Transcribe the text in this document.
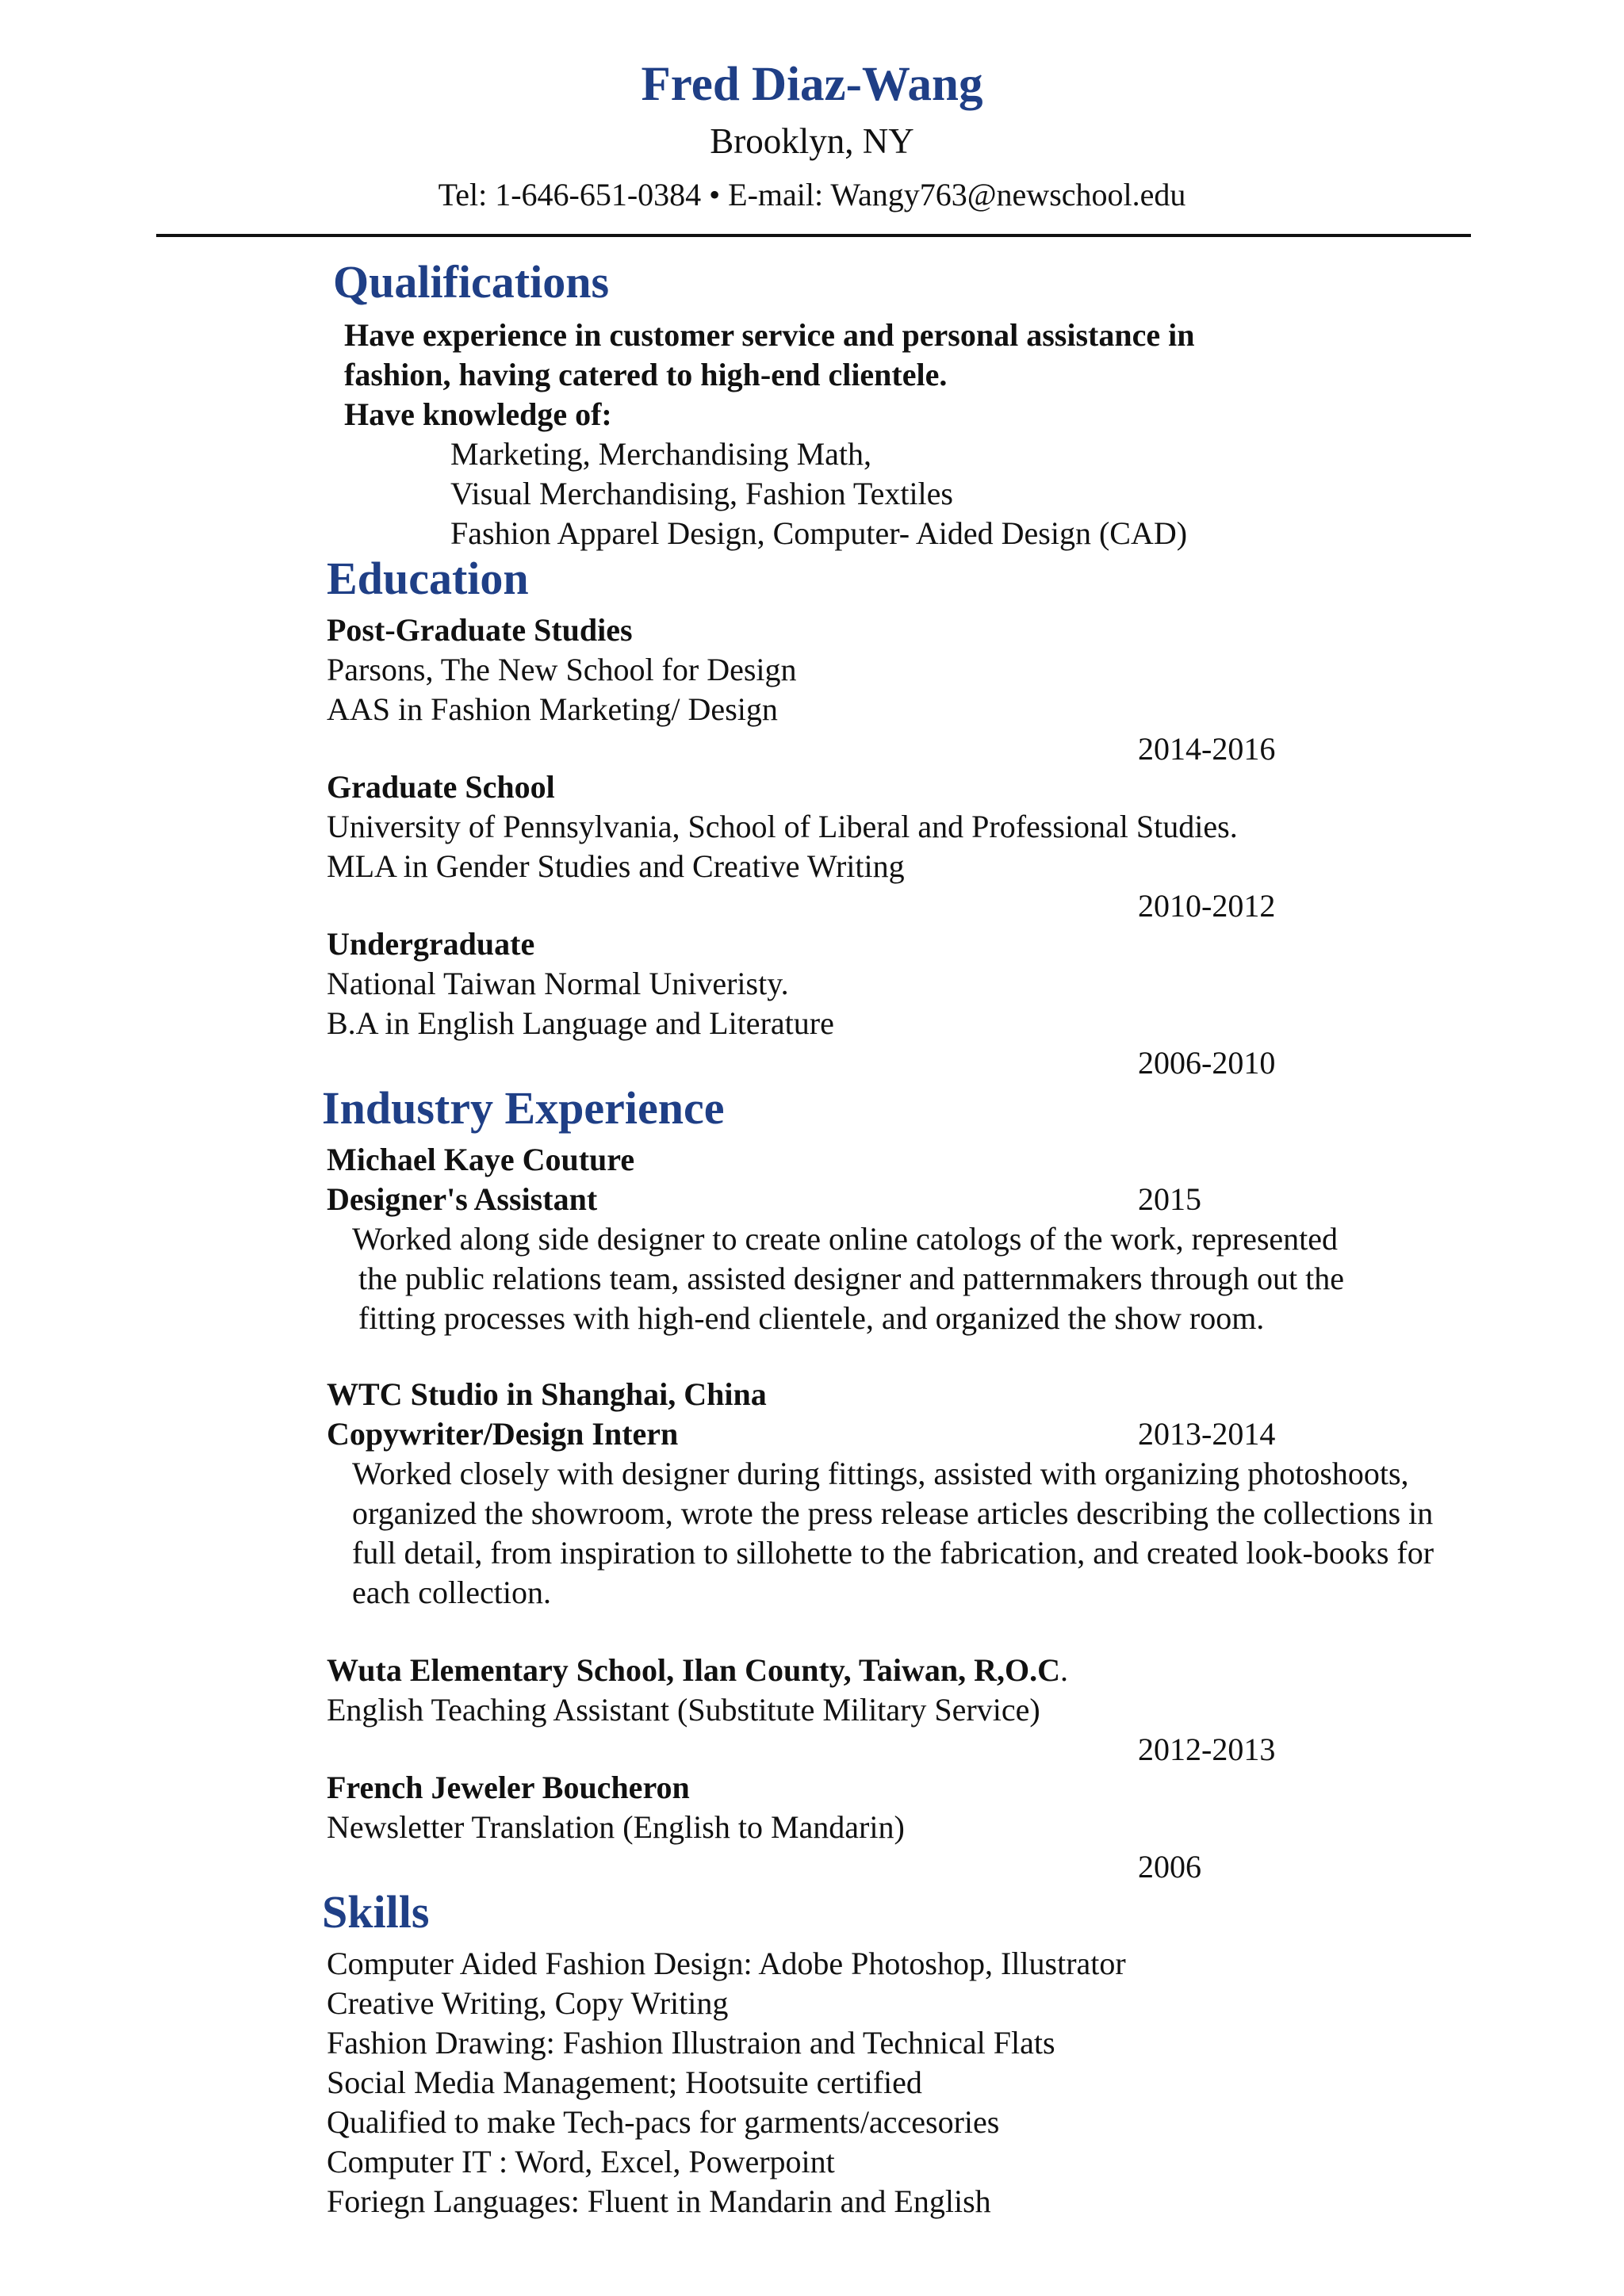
Fred Diaz-Wang
Brooklyn, NY
Tel: 1-646-651-0384 • E-mail: Wangy763@newschool.edu
Qualifications
Have experience in customer service and personal assistance in
fashion, having catered to high-end clientele.
Have knowledge of:
Marketing, Merchandising Math,
Visual Merchandising, Fashion Textiles
Fashion Apparel Design, Computer- Aided Design (CAD)
Education
Post-Graduate Studies
Parsons, The New School for Design
AAS in Fashion Marketing/ Design
2014-2016
Graduate School
University of Pennsylvania, School of Liberal and Professional Studies.
MLA in Gender Studies and Creative Writing
2010-2012
Undergraduate
National Taiwan Normal Univeristy.
B.A in English Language and Literature
2006-2010
Industry Experience
Michael Kaye Couture
Designer's Assistant	2015
Worked along side designer to create online catologs of the work, represented
the public relations team, assisted designer and patternmakers through out the
fitting processes with high-end clientele, and organized the show room.
WTC Studio in Shanghai, China
Copywriter/Design Intern	2013-2014
Worked closely with designer during fittings, assisted with organizing photoshoots,
organized the showroom, wrote the press release articles describing the collections in
full detail, from inspiration to sillohette to the fabrication, and created look-books for
each collection.
Wuta Elementary School, Ilan County, Taiwan, R,O.C.
English Teaching Assistant (Substitute Military Service)
2012-2013
French Jeweler Boucheron
Newsletter Translation (English to Mandarin)
2006
Skills
Computer Aided Fashion Design: Adobe Photoshop, Illustrator
Creative Writing, Copy Writing
Fashion Drawing: Fashion Illustraion and Technical Flats
Social Media Management; Hootsuite certified
Qualified to make Tech-pacs for garments/accesories
Computer IT : Word, Excel, Powerpoint
Foriegn Languages: Fluent in Mandarin and English
